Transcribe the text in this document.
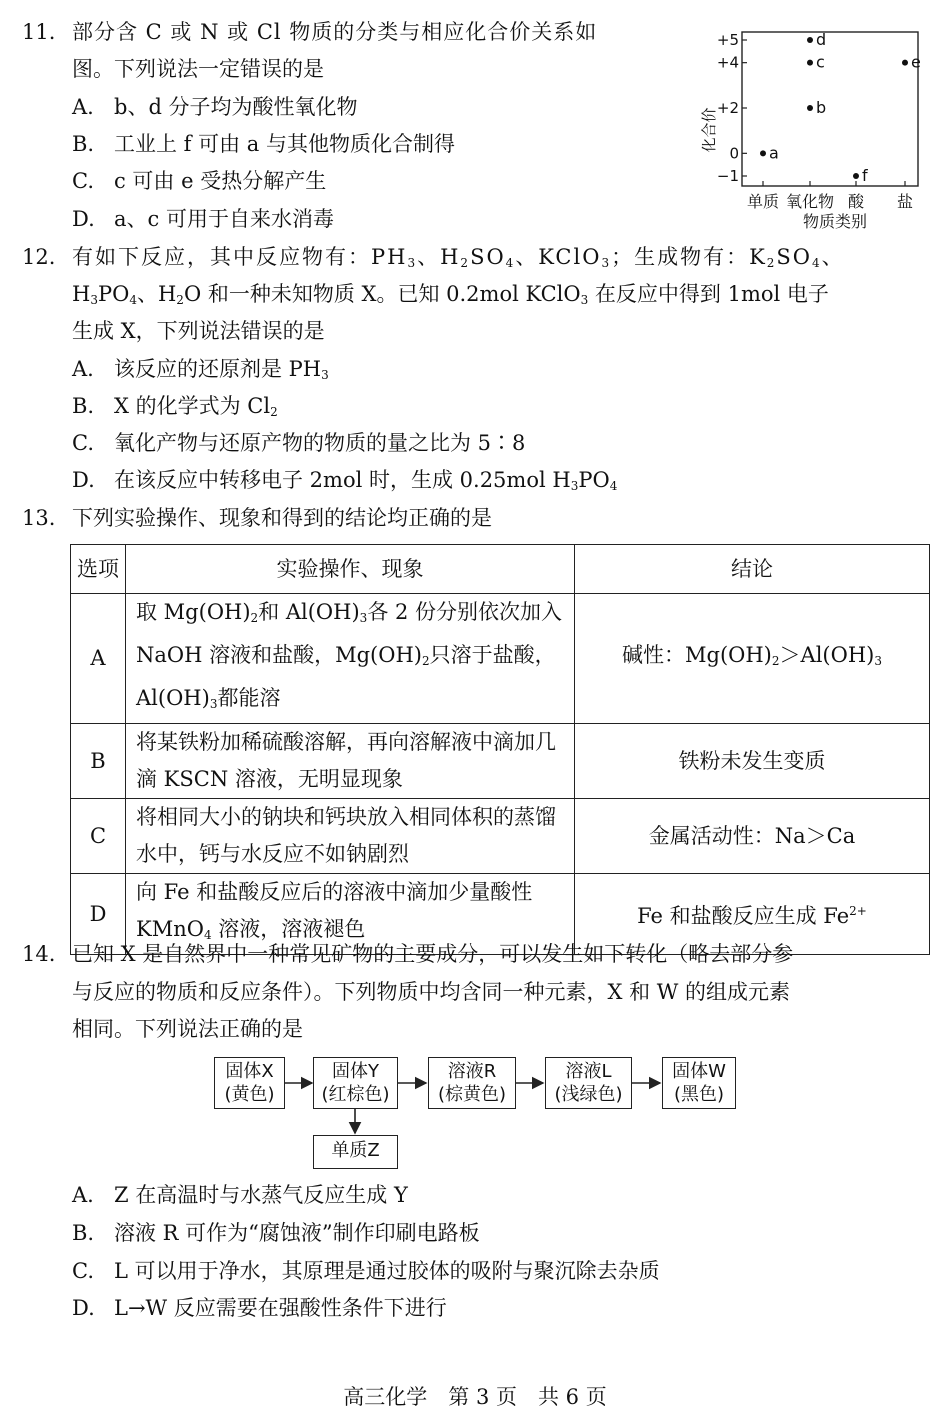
11. 部分含 C 或 N 或 Cl 物质的分类与相应化合价关系如
图。下列说法一定错误的是
A. b、d 分子均为酸性氧化物
B. 工业上 f 可由 a 与其他物质化合制得
C. c 可由 e 受热分解产生
D. a、c 可用于自来水消毒
+5
+4
+2
0
−1
单质 氧化物 酸 盐
a
b
c
d
e
f
化合价
物质类别
12. 有如下反应，其中反应物有：$PH_3$、$H_2SO_4$、KClO$_3$；生成物有：$K_2SO_4$、
$H_3PO_4$、$H_2O$ 和一种未知物质 X。已知 0.2mol KClO$_3$ 在反应中得到 1mol 电子
生成 X，下列说法错误的是
A. 该反应的还原剂是 $PH_3$
B. X 的化学式为 $Cl_2$
C. 氧化产物与还原产物的物质的量之比为 5∶8
D. 在该反应中转移电子 2mol 时，生成 0.25mol $H_3PO_4$
13. 下列实验操作、现象和得到的结论均正确的是
选项	实验操作、现象	结论
A	取 $Mg(OH)_2$和 $Al(OH)_3$各 2 份分别依次加入 NaOH 溶液和盐酸，$Mg(OH)_2$只溶于盐酸，$Al(OH)_3$都能溶	碱性：$Mg(OH)_2>Al(OH)_3$
B	将某铁粉加稀硫酸溶解，再向溶解液中滴加几滴 KSCN 溶液，无明显现象	铁粉未发生变质
C	将相同大小的钠块和钙块放入相同体积的蒸馏水中，钙与水反应不如钠剧烈	金属活动性：Na＞Ca
D	向 Fe 和盐酸反应后的溶液中滴加少量酸性 KMnO$_4$ 溶液，溶液褪色	Fe 和盐酸反应生成 $Fe^{2+}$
14. 已知 X 是自然界中一种常见矿物的主要成分，可以发生如下转化（略去部分参
与反应的物质和反应条件）。下列物质中均含同一种元素，X 和 W 的组成元素
相同。下列说法正确的是
固体X
(黄色)
固体Y
(红棕色)
溶液R
(棕黄色)
溶液L
(浅绿色)
固体W
(黑色)
单质Z
A. Z 在高温时与水蒸气反应生成 Y
B. 溶液 R 可作为“腐蚀液”制作印刷电路板
C. L 可以用于净水，其原理是通过胶体的吸附与聚沉除去杂质
D. L→W 反应需要在强酸性条件下进行
高三化学　第 3 页　共 6 页
